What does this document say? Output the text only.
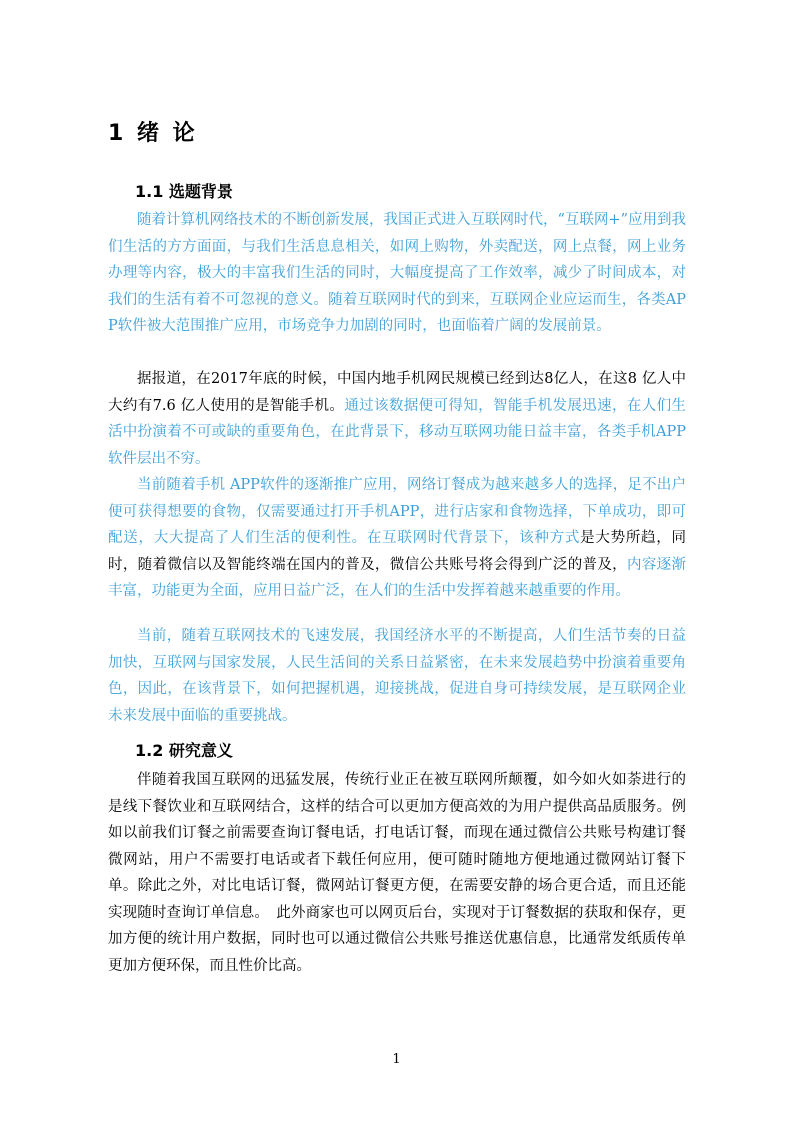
1 绪 论
1.1 选题背景

随着计算机网络技术的不断创新发展，我国正式进入互联网时代，“互联网+”应用到我们生活的方方面面，与我们生活息息相关，如网上购物，外卖配送，网上点餐，网上业务办理等内容，极大的丰富我们生活的同时，大幅度提高了工作效率，减少了时间成本，对我们的生活有着不可忽视的意义。随着互联网时代的到来，互联网企业应运而生，各类APP软件被大范围推广应用，市场竞争力加剧的同时，也面临着广阔的发展前景。

据报道，在2017年底的时候，中国内地手机网民规模已经到达8亿人，在这8 亿人中大约有7.6 亿人使用的是智能手机。通过该数据便可得知，智能手机发展迅速，在人们生活中扮演着不可或缺的重要角色，在此背景下，移动互联网功能日益丰富，各类手机APP软件层出不穷。

当前随着手机 APP软件的逐渐推广应用，网络订餐成为越来越多人的选择，足不出户便可获得想要的食物，仅需要通过打开手机APP，进行店家和食物选择，下单成功，即可配送，大大提高了人们生活的便利性。在互联网时代背景下，该种方式是大势所趋，同时，随着微信以及智能终端在国内的普及，微信公共账号将会得到广泛的普及，内容逐渐丰富，功能更为全面，应用日益广泛，在人们的生活中发挥着越来越重要的作用。

当前，随着互联网技术的飞速发展，我国经济水平的不断提高，人们生活节奏的日益加快，互联网与国家发展，人民生活间的关系日益紧密，在未来发展趋势中扮演着重要角色，因此，在该背景下，如何把握机遇，迎接挑战，促进自身可持续发展，是互联网企业未来发展中面临的重要挑战。

1.2 研究意义

伴随着我国互联网的迅猛发展，传统行业正在被互联网所颠覆，如今如火如荼进行的是线下餐饮业和互联网结合，这样的结合可以更加方便高效的为用户提供高品质服务。例如以前我们订餐之前需要查询订餐电话，打电话订餐，而现在通过微信公共账号构建订餐微网站，用户不需要打电话或者下载任何应用，便可随时随地方便地通过微网站订餐下单。除此之外，对比电话订餐，微网站订餐更方便，在需要安静的场合更合适，而且还能实现随时查询订单信息。　此外商家也可以网页后台，实现对于订餐数据的获取和保存，更加方便的统计用户数据，同时也可以通过微信公共账号推送优惠信息，比通常发纸质传单更加方便环保，而且性价比高。

1
